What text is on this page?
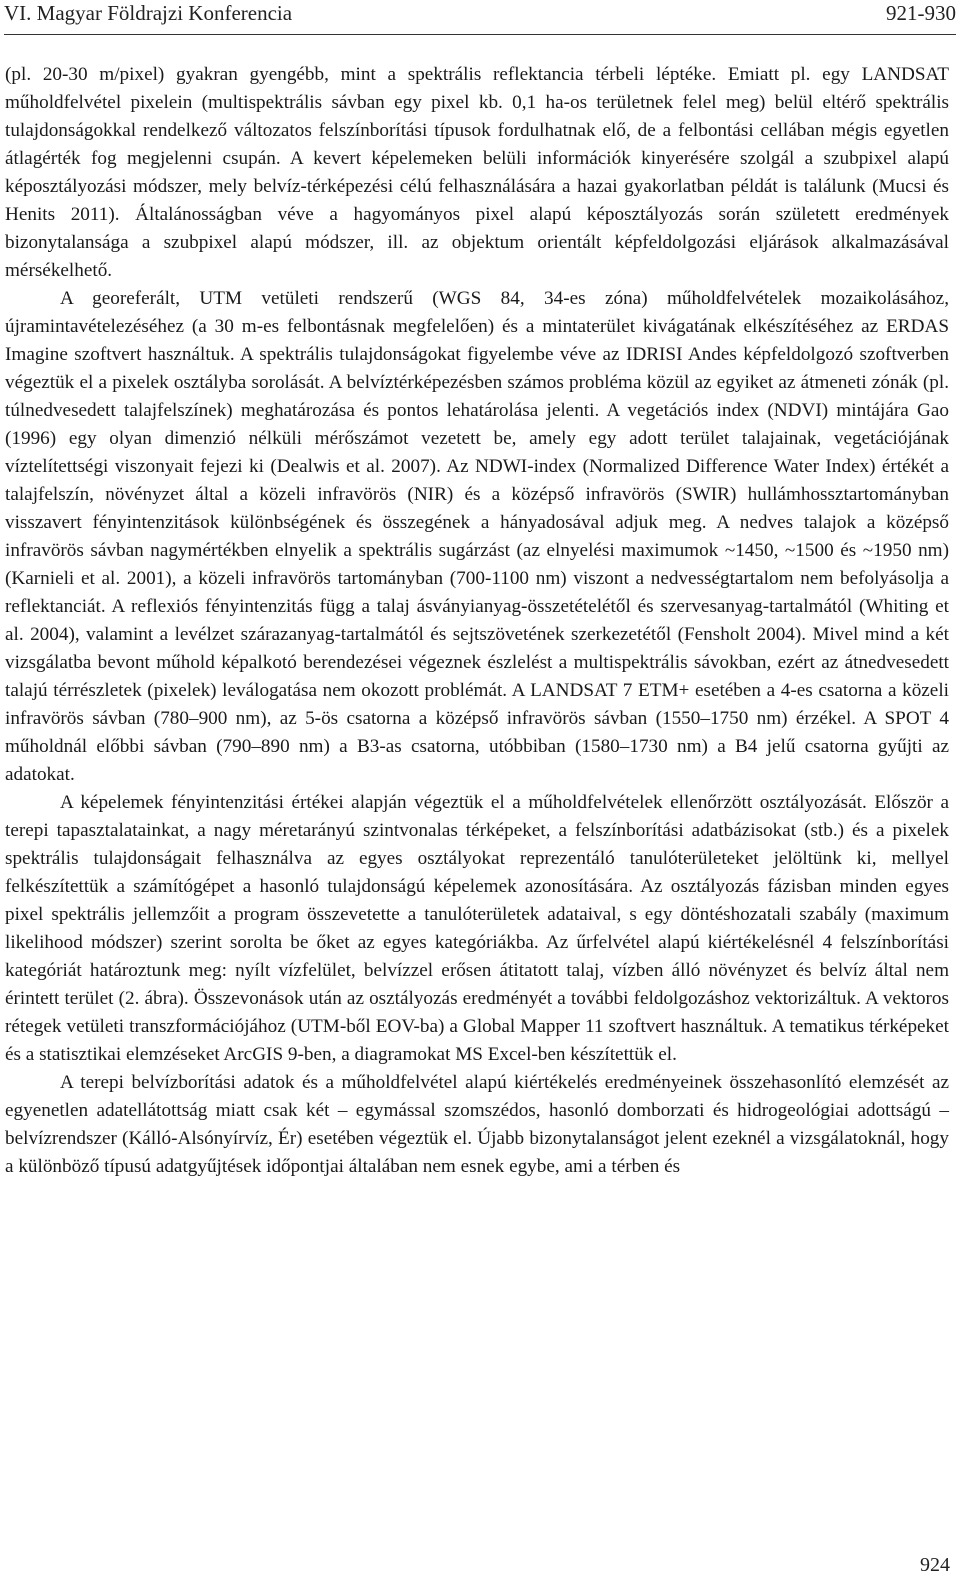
VI. Magyar Földrajzi Konferencia	921-930

(pl. 20-30 m/pixel) gyakran gyengébb, mint a spektrális reflektancia térbeli léptéke. Emiatt pl. egy LANDSAT műholdfelvétel pixelein (multispektrális sávban egy pixel kb. 0,1 ha-os területnek felel meg) belül eltérő spektrális tulajdonságokkal rendelkező változatos felszínborítási típusok fordulhatnak elő, de a felbontási cellában mégis egyetlen átlagérték fog megjelenni csupán. A kevert képelemeken belüli információk kinyerésére szolgál a szubpixel alapú képosztályozási módszer, mely belvíz-térképezési célú felhasználására a hazai gyakorlatban példát is találunk (Mucsi és Henits 2011). Általánosságban véve a hagyományos pixel alapú képosztályozás során született eredmények bizonytalansága a szubpixel alapú módszer, ill. az objektum orientált képfeldolgozási eljárások alkalmazásával mérsékelhető.

A georeferált, UTM vetületi rendszerű (WGS 84, 34-es zóna) műholdfelvételek mozaikolásához, újramintavételezéséhez (a 30 m-es felbontásnak megfelelően) és a mintaterület kivágatának elkészítéséhez az ERDAS Imagine szoftvert használtuk. A spektrális tulajdonságokat figyelembe véve az IDRISI Andes képfeldolgozó szoftverben végeztük el a pixelek osztályba sorolását. A belvíztérképezésben számos probléma közül az egyiket az átmeneti zónák (pl. túlnedvesedett talajfelszínek) meghatározása és pontos lehatárolása jelenti. A vegetációs index (NDVI) mintájára Gao (1996) egy olyan dimenzió nélküli mérőszámot vezetett be, amely egy adott terület talajainak, vegetációjának víztelítettségi viszonyait fejezi ki (Dealwis et al. 2007). Az NDWI-index (Normalized Difference Water Index) értékét a talajfelszín, növényzet által a közeli infravörös (NIR) és a középső infravörös (SWIR) hullámhossztartományban visszavert fényintenzitások különbségének és összegének a hányadosával adjuk meg. A nedves talajok a középső infravörös sávban nagymértékben elnyelik a spektrális sugárzást (az elnyelési maximumok ~1450, ~1500 és ~1950 nm) (Karnieli et al. 2001), a közeli infravörös tartományban (700-1100 nm) viszont a nedvességtartalom nem befolyásolja a reflektanciát. A reflexiós fényintenzitás függ a talaj ásványianyag-összetételétől és szervesanyag-tartalmától (Whiting et al. 2004), valamint a levélzet szárazanyag-tartalmától és sejtszövetének szerkezetétől (Fensholt 2004). Mivel mind a két vizsgálatba bevont műhold képalkotó berendezései végeznek észlelést a multispektrális sávokban, ezért az átnedvesedett talajú térrészletek (pixelek) leválogatása nem okozott problémát. A LANDSAT 7 ETM+ esetében a 4-es csatorna a közeli infravörös sávban (780–900 nm), az 5-ös csatorna a középső infravörös sávban (1550–1750 nm) érzékel. A SPOT 4 műholdnál előbbi sávban (790–890 nm) a B3-as csatorna, utóbbiban (1580–1730 nm) a B4 jelű csatorna gyűjti az adatokat.

A képelemek fényintenzitási értékei alapján végeztük el a műholdfelvételek ellenőrzött osztályozását. Először a terepi tapasztalatainkat, a nagy méretarányú szintvonalas térképeket, a felszínborítási adatbázisokat (stb.) és a pixelek spektrális tulajdonságait felhasználva az egyes osztályokat reprezentáló tanulóterületeket jelöltünk ki, mellyel felkészítettük a számítógépet a hasonló tulajdonságú képelemek azonosítására. Az osztályozás fázisban minden egyes pixel spektrális jellemzőit a program összevetette a tanulóterületek adataival, s egy döntéshozatali szabály (maximum likelihood módszer) szerint sorolta be őket az egyes kategóriákba. Az űrfelvétel alapú kiértékelésnél 4 felszínborítási kategóriát határoztunk meg: nyílt vízfelület, belvízzel erősen átitatott talaj, vízben álló növényzet és belvíz által nem érintett terület (2. ábra). Összevonások után az osztályozás eredményét a további feldolgozáshoz vektorizáltuk. A vektoros rétegek vetületi transzformációjához (UTM-ből EOV-ba) a Global Mapper 11 szoftvert használtuk. A tematikus térképeket és a statisztikai elemzéseket ArcGIS 9-ben, a diagramokat MS Excel-ben készítettük el.

A terepi belvízborítási adatok és a műholdfelvétel alapú kiértékelés eredményeinek összehasonlító elemzését az egyenetlen adatellátottság miatt csak két – egymással szomszédos, hasonló domborzati és hidrogeológiai adottságú – belvízrendszer (Kálló-Alsónyírvíz, Ér) esetében végeztük el. Újabb bizonytalanságot jelent ezeknél a vizsgálatoknál, hogy a különböző típusú adatgyűjtések időpontjai általában nem esnek egybe, ami a térben és

924
